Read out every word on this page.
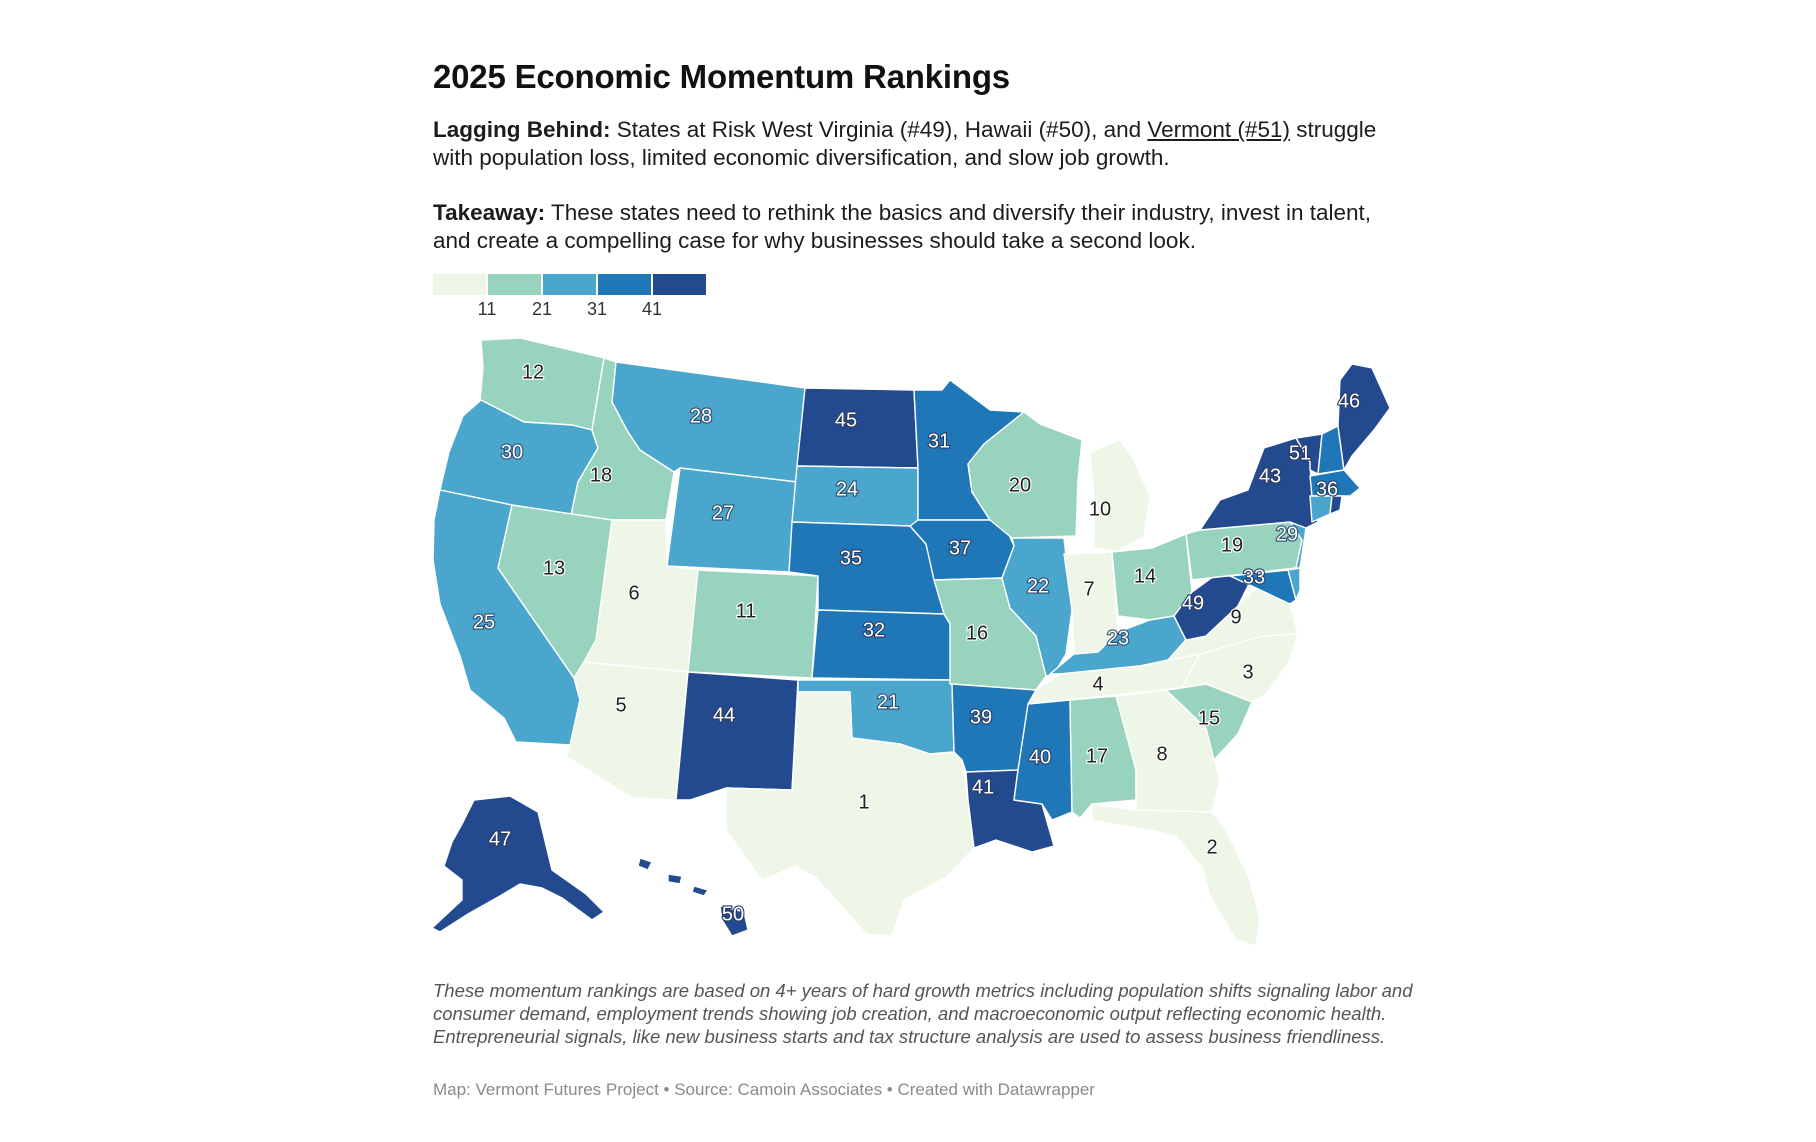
2025 Economic Momentum Rankings

Lagging Behind: States at Risk West Virginia (#49), Hawaii (#50), and Vermont (#51) struggle with population loss, limited economic diversification, and slow job growth.

Takeaway: These states need to rethink the basics and diversify their industry, invest in talent, and create a compelling case for why businesses should take a second look.

11 21 31 41
12
30
25
18
13
28
27
6
5
11
44
45
24
35
32
21
1
31
37
16
39
41
20
22
10
7
14
23
4
40 17 8
2
15
3
9
49
19
43
51
46
36
29
33
47
50
These momentum rankings are based on 4+ years of hard growth metrics including population shifts signaling labor and consumer demand, employment trends showing job creation, and macroeconomic output reflecting economic health. Entrepreneurial signals, like new business starts and tax structure analysis are used to assess business friendliness.
Map: Vermont Futures Project • Source: Camoin Associates • Created with Datawrapper
